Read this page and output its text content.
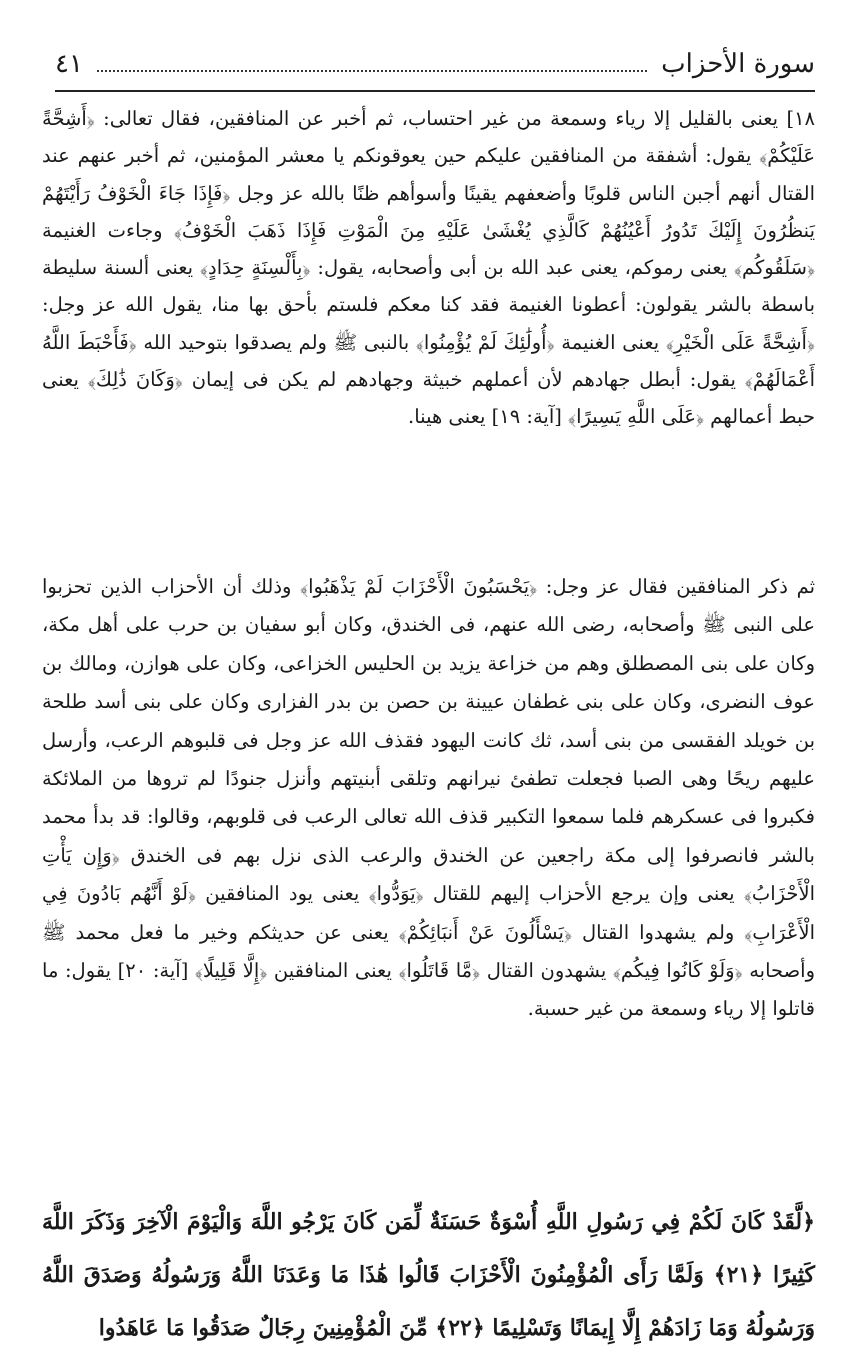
سورة الأحزاب
٤١

١٨] يعنى بالقليل إلا رياء وسمعة من غير احتساب، ثم أخبر عن المنافقين، فقال تعالى: ﴿أَشِحَّةً عَلَيْكُمْ﴾ يقول: أشفقة من المنافقين عليكم حين يعوقونكم يا معشر المؤمنين، ثم أخبر عنهم عند القتال أنهم أجبن الناس قلوبًا وأضعفهم يقينًا وأسوأهم ظنًا بالله عز وجل ﴿فَإِذَا جَاءَ الْخَوْفُ رَأَيْتَهُمْ يَنظُرُونَ إِلَيْكَ تَدُورُ أَعْيُنُهُمْ كَالَّذِي يُغْشَىٰ عَلَيْهِ مِنَ الْمَوْتِ فَإِذَا ذَهَبَ الْخَوْفُ﴾ وجاءت الغنيمة ﴿سَلَقُوكُم﴾ يعنى رموكم، يعنى عبد الله بن أبى وأصحابه، يقول: ﴿بِأَلْسِنَةٍ حِدَادٍ﴾ يعنى ألسنة سليطة باسطة بالشر يقولون: أعطونا الغنيمة فقد كنا معكم فلستم بأحق بها منا، يقول الله عز وجل: ﴿أَشِحَّةً عَلَى الْخَيْرِ﴾ يعنى الغنيمة ﴿أُولَٰئِكَ لَمْ يُؤْمِنُوا﴾ بالنبى ﷺ ولم يصدقوا بتوحيد الله ﴿فَأَحْبَطَ اللَّهُ أَعْمَالَهُمْ﴾ يقول: أبطل جهادهم لأن أعملهم خبيثة وجهادهم لم يكن فى إيمان ﴿وَكَانَ ذَٰلِكَ﴾ يعنى حبط أعمالهم ﴿عَلَى اللَّهِ يَسِيرًا﴾ [آية: ١٩] يعنى هينا.

ثم ذكر المنافقين فقال عز وجل: ﴿يَحْسَبُونَ الْأَحْزَابَ لَمْ يَذْهَبُوا﴾ وذلك أن الأحزاب الذين تحزبوا على النبى ﷺ وأصحابه، رضى الله عنهم، فى الخندق، وكان أبو سفيان بن حرب على أهل مكة، وكان على بنى المصطلق وهم من خزاعة يزيد بن الحليس الخزاعى، وكان على هوازن، ومالك بن عوف النضرى، وكان على بنى غطفان عيينة بن حصن بن بدر الفزارى وكان على بنى أسد طلحة بن خويلد الفقسى من بنى أسد، ثك كانت اليهود فقذف الله عز وجل فى قلبوهم الرعب، وأرسل عليهم ريحًا وهى الصبا فجعلت تطفئ نيرانهم وتلقى أبنيتهم وأنزل جنودًا لم تروها من الملائكة فكبروا فى عسكرهم فلما سمعوا التكبير قذف الله تعالى الرعب فى قلوبهم، وقالوا: قد بدأ محمد بالشر فانصرفوا إلى مكة راجعين عن الخندق والرعب الذى نزل بهم فى الخندق ﴿وَإِن يَأْتِ الْأَحْزَابُ﴾ يعنى وإن يرجع الأحزاب إليهم للقتال ﴿يَوَدُّوا﴾ يعنى يود المنافقين ﴿لَوْ أَنَّهُم بَادُونَ فِي الْأَعْرَابِ﴾ ولم يشهدوا القتال ﴿يَسْأَلُونَ عَنْ أَنبَائِكُمْ﴾ يعنى عن حديثكم وخير ما فعل محمد ﷺ وأصحابه ﴿وَلَوْ كَانُوا فِيكُم﴾ يشهدون القتال ﴿مَّا قَاتَلُوا﴾ يعنى المنافقين ﴿إِلَّا قَلِيلًا﴾ [آية: ٢٠] يقول: ما قاتلوا إلا رياء وسمعة من غير حسبة.

﴿لَّقَدْ كَانَ لَكُمْ فِي رَسُولِ اللَّهِ أُسْوَةٌ حَسَنَةٌ لِّمَن كَانَ يَرْجُو اللَّهَ وَالْيَوْمَ الْآخِرَ وَذَكَرَ اللَّهَ كَثِيرًا ﴿٢١﴾ وَلَمَّا رَأَى الْمُؤْمِنُونَ الْأَحْزَابَ قَالُوا هَٰذَا مَا وَعَدَنَا اللَّهُ وَرَسُولُهُ وَصَدَقَ اللَّهُ وَرَسُولُهُ وَمَا زَادَهُمْ إِلَّا إِيمَانًا وَتَسْلِيمًا ﴿٢٢﴾ مِّنَ الْمُؤْمِنِينَ رِجَالٌ صَدَقُوا مَا عَاهَدُوا
